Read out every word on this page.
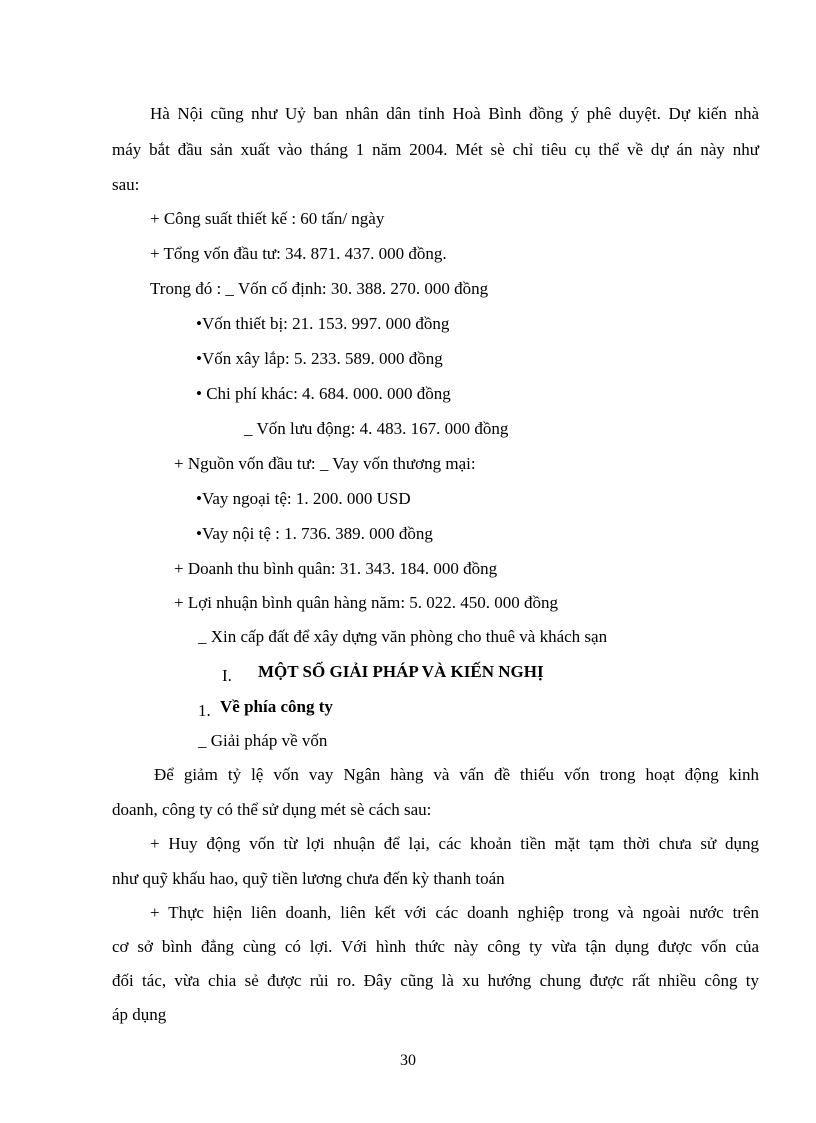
Hà Nội cũng như Uỷ ban nhân dân tỉnh Hoà Bình đồng ý phê duyệt. Dự kiến nhà
máy bắt đầu sản xuất vào tháng 1 năm 2004. Mét sè chỉ tiêu cụ thể về dự án này như
sau:
+ Công suất thiết kế : 60 tấn/ ngày
+ Tổng vốn đầu tư: 34. 871. 437. 000 đồng.
Trong đó : _ Vốn cố định: 30. 388. 270. 000 đồng
•Vốn thiết bị: 21. 153. 997. 000 đồng
•Vốn xây lắp: 5. 233. 589. 000 đồng
• Chi phí khác: 4. 684. 000. 000 đồng
_ Vốn lưu động: 4. 483. 167. 000 đồng
+ Nguồn vốn đầu tư: _ Vay vốn thương mại:
•Vay ngoại tệ: 1. 200. 000 USD
•Vay nội tệ : 1. 736. 389. 000 đồng
+ Doanh thu bình quân: 31. 343. 184. 000 đồng
+ Lợi nhuận bình quân hàng năm: 5. 022. 450. 000 đồng
_ Xin cấp đất để xây dựng văn phòng cho thuê và khách sạn
I. MỘT SỐ GIẢI PHÁP VÀ KIẾN NGHỊ
1. Về phía công ty
_ Giải pháp về vốn
Để giảm tỷ lệ vốn vay Ngân hàng và vấn đề thiếu vốn trong hoạt động kinh
doanh, công ty có thể sử dụng mét sè cách sau:
+ Huy động vốn từ lợi nhuận để lại, các khoản tiền mặt tạm thời chưa sử dụng
như quỹ khấu hao, quỹ tiền lương chưa đến kỳ thanh toán
+ Thực hiện liên doanh, liên kết với các doanh nghiệp trong và ngoài nước trên
cơ sở bình đẳng cùng có lợi. Với hình thức này công ty vừa tận dụng được vốn của
đối tác, vừa chia sẻ được rủi ro. Đây cũng là xu hướng chung được rất nhiều công ty
áp dụng
30
